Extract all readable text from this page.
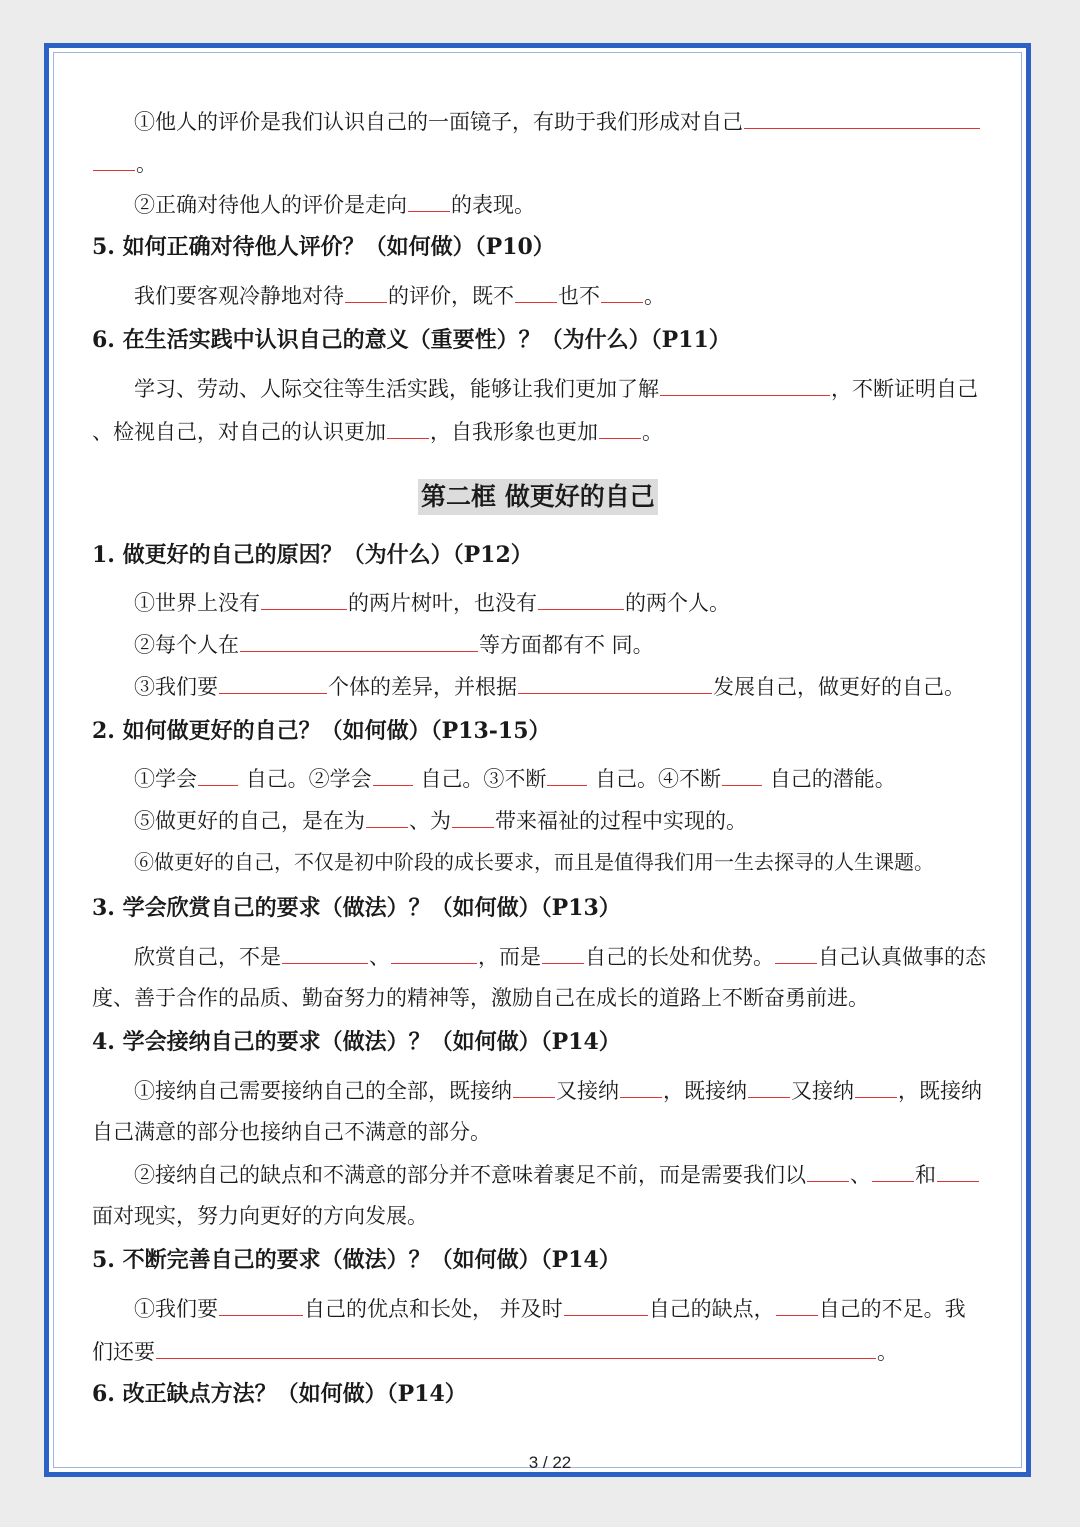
①他人的评价是我们认识自己的一面镜子，有助于我们形成对自己
。
②正确对待他人的评价是走向 的表现。
5. 如何正确对待他人评价？（如何做）（P10）
我们要客观冷静地对待 的评价，既不 也不 。
6. 在生活实践中认识自己的意义（重要性）？（为什么）（P11）
学习、劳动、人际交往等生活实践，能够让我们更加了解	，不断证明自己
、检视自己，对自己的认识更加 ，自我形象也更加 。
第二框 做更好的自己
1. 做更好的自己的原因？（为什么）（P12）
①世界上没有	的两片树叶，也没有	的两个人。
②每个人在	等方面都有不 同。
③我们要	个体的差异，并根据	发展自己，做更好的自己。
2. 如何做更好的自己？（如何做）（P13-15）
①学会 自己。②学会 自己。③不断 自己。④不断 自己的潜能。
⑤做更好的自己，是在为 、为 带来福祉的过程中实现的。
⑥做更好的自己，不仅是初中阶段的成长要求，而且是值得我们用一生去探寻的人生课题。
3. 学会欣赏自己的要求（做法）？（如何做）（P13）
欣赏自己，不是	、	，而是 自己的长处和优势。 自己认真做事的态
度、善于合作的品质、勤奋努力的精神等，激励自己在成长的道路上不断奋勇前进。
4. 学会接纳自己的要求（做法）？（如何做）（P14）
①接纳自己需要接纳自己的全部，既接纳 又接纳 ，既接纳 又接纳 ，既接纳
自己满意的部分也接纳自己不满意的部分。
②接纳自己的缺点和不满意的部分并不意味着裹足不前，而是需要我们以 、 和
面对现实，努力向更好的方向发展。
5. 不断完善自己的要求（做法）？（如何做）（P14）
①我们要	自己的优点和长处， 并及时	自己的缺点， 自己的不足。我
们还要	。
6. 改正缺点方法？（如何做）（P14）
3 / 22
